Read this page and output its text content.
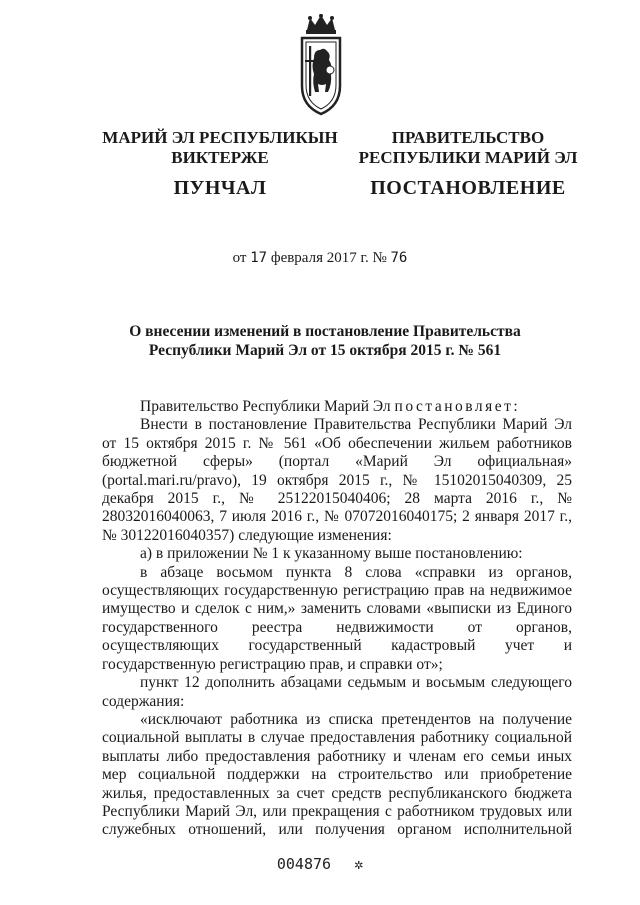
МАРИЙ ЭЛ РЕСПУБЛИКЫН
ВИКТЕРЖЕ
ПУНЧАЛ
ПРАВИТЕЛЬСТВО
РЕСПУБЛИКИ МАРИЙ ЭЛ
ПОСТАНОВЛЕНИЕ
от 17 февраля 2017 г. № 76
О внесении изменений в постановление Правительства
Республики Марий Эл от 15 октября 2015 г. № 561

Правительство Республики Марий Эл постановляет:

Внести в постановление Правительства Республики Марий Эл от 15 октября 2015 г. № 561 «Об обеспечении жильем работников бюджетной сферы» (портал «Марий Эл официальная» (portal.mari.ru/pravo), 19 октября 2015 г., № 15102015040309, 25 декабря 2015 г., № 25122015040406; 28 марта 2016 г., № 28032016040063, 7 июля 2016 г., № 07072016040175; 2 января 2017 г., № 30122016040357) следующие изменения:

а) в приложении № 1 к указанному выше постановлению:

в абзаце восьмом пункта 8 слова «справки из органов, осуществляющих государственную регистрацию прав на недвижимое имущество и сделок с ним,» заменить словами «выписки из Единого государственного реестра недвижимости от органов, осуществляющих государственный кадастровый учет и государственную регистрацию прав, и справки от»;

пункт 12 дополнить абзацами седьмым и восьмым следующего содержания:

«исключают работника из списка претендентов на получение социальной выплаты в случае предоставления работнику социальной выплаты либо предоставления работнику и членам его семьи иных мер социальной поддержки на строительство или приобретение жилья, предоставленных за счет средств республиканского бюджета Республики Марий Эл, или прекращения с работником трудовых или служебных отношений, или получения органом исполнительной

004876 ✲
